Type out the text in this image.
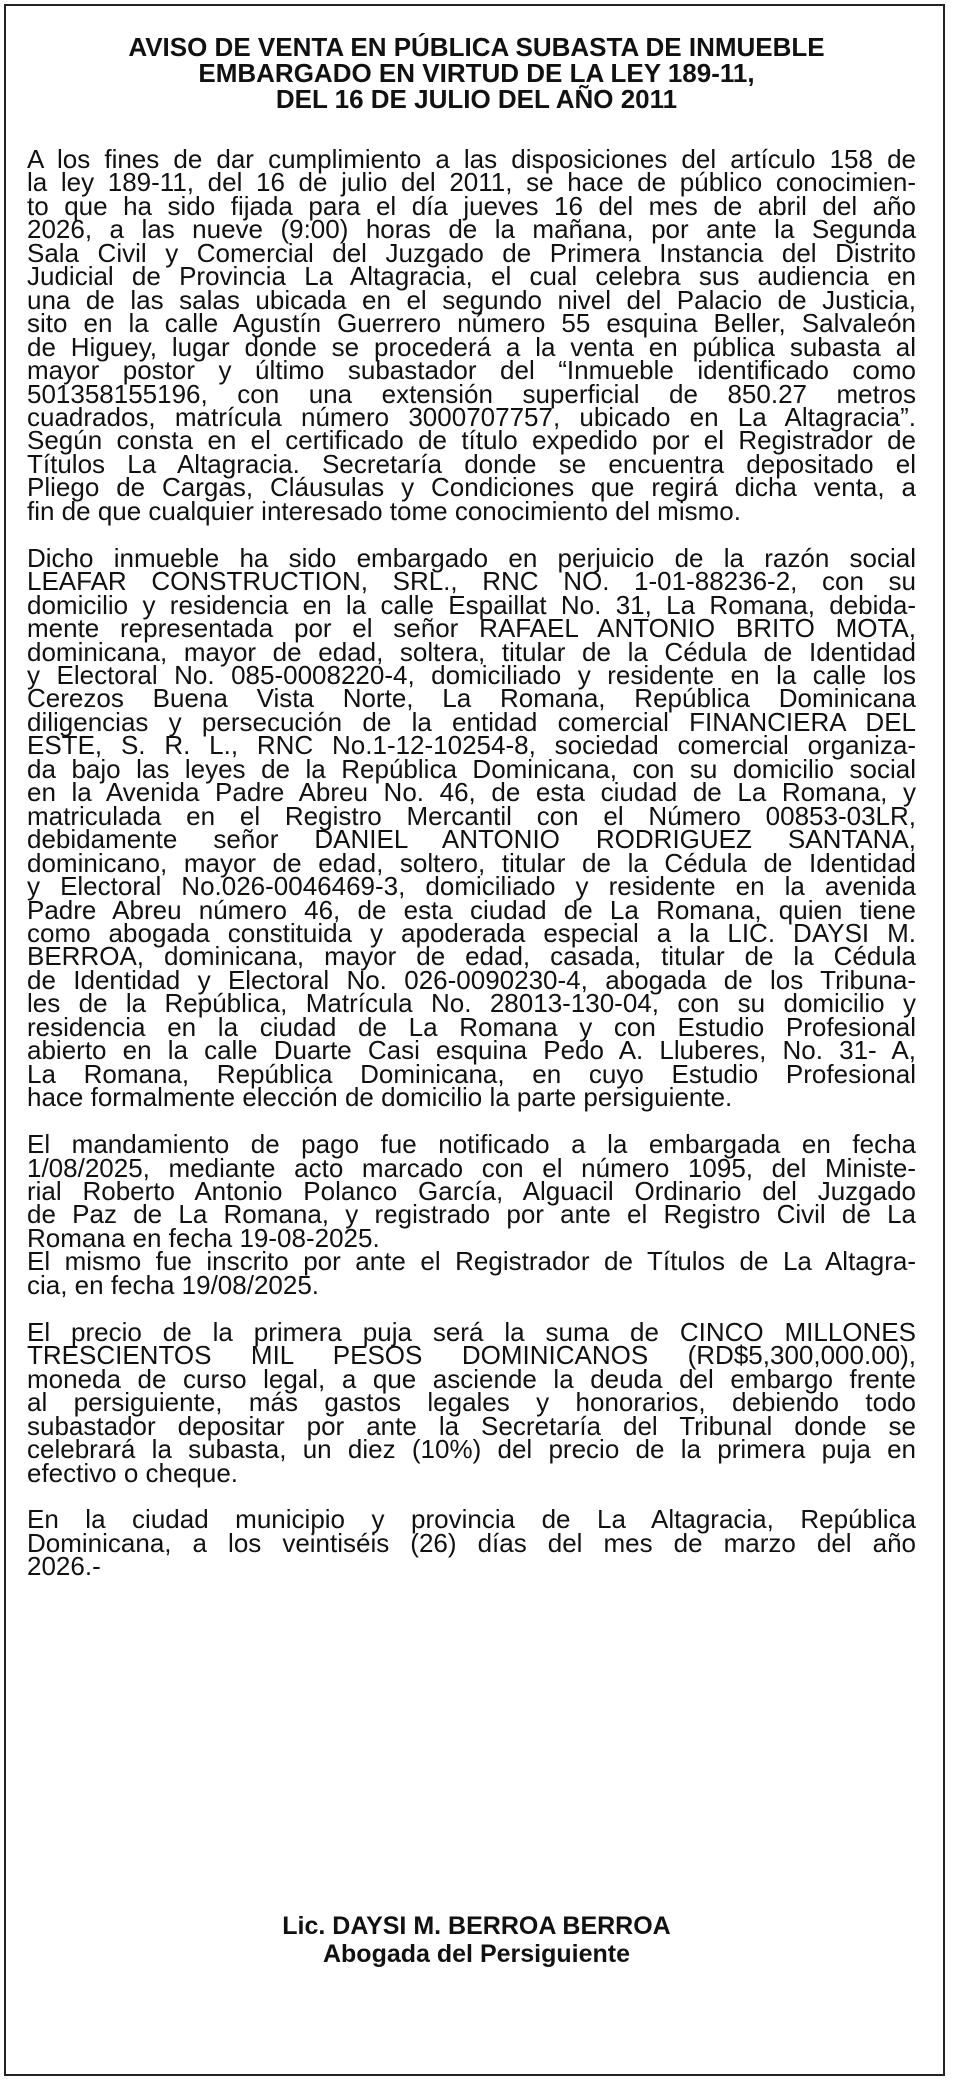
AVISO DE VENTA EN PÚBLICA SUBASTA DE INMUEBLE
EMBARGADO EN VIRTUD DE LA LEY 189-11,
DEL 16 DE JULIO DEL AÑO 2011
A los fines de dar cumplimiento a las disposiciones del artículo 158 de
la ley 189-11, del 16 de julio del 2011, se hace de público conocimien-
to que ha sido fijada para el día jueves 16 del mes de abril del año
2026, a las nueve (9:00) horas de la mañana, por ante la Segunda
Sala Civil y Comercial del Juzgado de Primera Instancia del Distrito
Judicial de Provincia La Altagracia, el cual celebra sus audiencia en
una de las salas ubicada en el segundo nivel del Palacio de Justicia,
sito en la calle Agustín Guerrero número 55 esquina Beller, Salvaleón
de Higuey, lugar donde se procederá a la venta en pública subasta al
mayor postor y último subastador del “Inmueble identificado como
501358155196, con una extensión superficial de 850.27 metros
cuadrados, matrícula número 3000707757, ubicado en La Altagracia”.
Según consta en el certificado de título expedido por el Registrador de
Títulos La Altagracia. Secretaría donde se encuentra depositado el
Pliego de Cargas, Cláusulas y Condiciones que regirá dicha venta, a
fin de que cualquier interesado tome conocimiento del mismo.
Dicho inmueble ha sido embargado en perjuicio de la razón social
LEAFAR CONSTRUCTION, SRL., RNC NO. 1-01-88236-2, con su
domicilio y residencia en la calle Espaillat No. 31, La Romana, debida-
mente representada por el señor RAFAEL ANTONIO BRITO MOTA,
dominicana, mayor de edad, soltera, titular de la Cédula de Identidad
y Electoral No. 085-0008220-4, domiciliado y residente en la calle los
Cerezos Buena Vista Norte, La Romana, República Dominicana
diligencias y persecución de la entidad comercial FINANCIERA DEL
ESTE, S. R. L., RNC No.1-12-10254-8, sociedad comercial organiza-
da bajo las leyes de la República Dominicana, con su domicilio social
en la Avenida Padre Abreu No. 46, de esta ciudad de La Romana, y
matriculada en el Registro Mercantil con el Número 00853-03LR,
debidamente señor DANIEL ANTONIO RODRIGUEZ SANTANA,
dominicano, mayor de edad, soltero, titular de la Cédula de Identidad
y Electoral No.026-0046469-3, domiciliado y residente en la avenida
Padre Abreu número 46, de esta ciudad de La Romana, quien tiene
como abogada constituida y apoderada especial a la LIC. DAYSI M.
BERROA, dominicana, mayor de edad, casada, titular de la Cédula
de Identidad y Electoral No. 026-0090230-4, abogada de los Tribuna-
les de la República, Matrícula No. 28013-130-04, con su domicilio y
residencia en la ciudad de La Romana y con Estudio Profesional
abierto en la calle Duarte Casi esquina Pedo A. Lluberes, No. 31- A,
La Romana, República Dominicana, en cuyo Estudio Profesional
hace formalmente elección de domicilio la parte persiguiente.
El mandamiento de pago fue notificado a la embargada en fecha
1/08/2025, mediante acto marcado con el número 1095, del Ministe-
rial Roberto Antonio Polanco García, Alguacil Ordinario del Juzgado
de Paz de La Romana, y registrado por ante el Registro Civil de La
Romana en fecha 19-08-2025.
El mismo fue inscrito por ante el Registrador de Títulos de La Altagra-
cia, en fecha 19/08/2025.
El precio de la primera puja será la suma de CINCO MILLONES
TRESCIENTOS MIL PESOS DOMINICANOS (RD$5,300,000.00),
moneda de curso legal, a que asciende la deuda del embargo frente
al persiguiente, más gastos legales y honorarios, debiendo todo
subastador depositar por ante la Secretaría del Tribunal donde se
celebrará la subasta, un diez (10%) del precio de la primera puja en
efectivo o cheque.
En la ciudad municipio y provincia de La Altagracia, República
Dominicana, a los veintiséis (26) días del mes de marzo del año
2026.-
Lic. DAYSI M. BERROA BERROA
Abogada del Persiguiente
